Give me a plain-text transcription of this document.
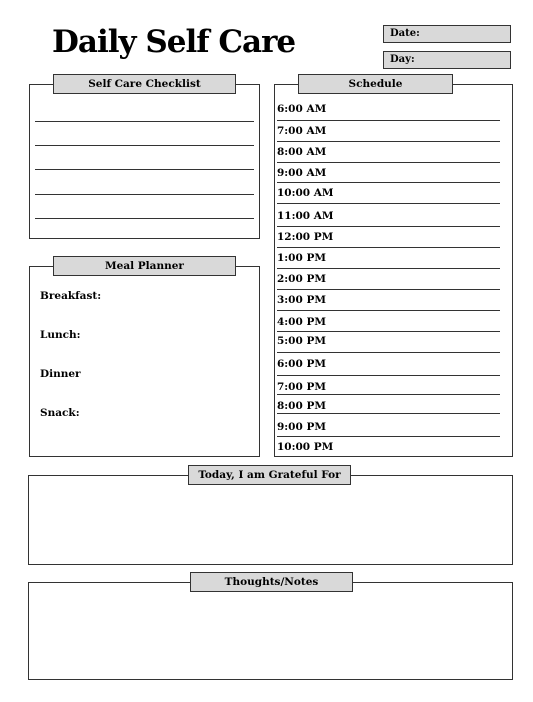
Daily Self Care	Date:
Day:
Self Care Checklist
Meal Planner
Breakfast:
Lunch:
Dinner
Snack:
Schedule
6:00 AM
7:00 AM
8:00 AM
9:00 AM
10:00 AM
11:00 AM
12:00 PM
1:00 PM
2:00 PM
3:00 PM
4:00 PM
5:00 PM
6:00 PM
7:00 PM
8:00 PM
9:00 PM
10:00 PM
Today, I am Grateful For
Thoughts/Notes
